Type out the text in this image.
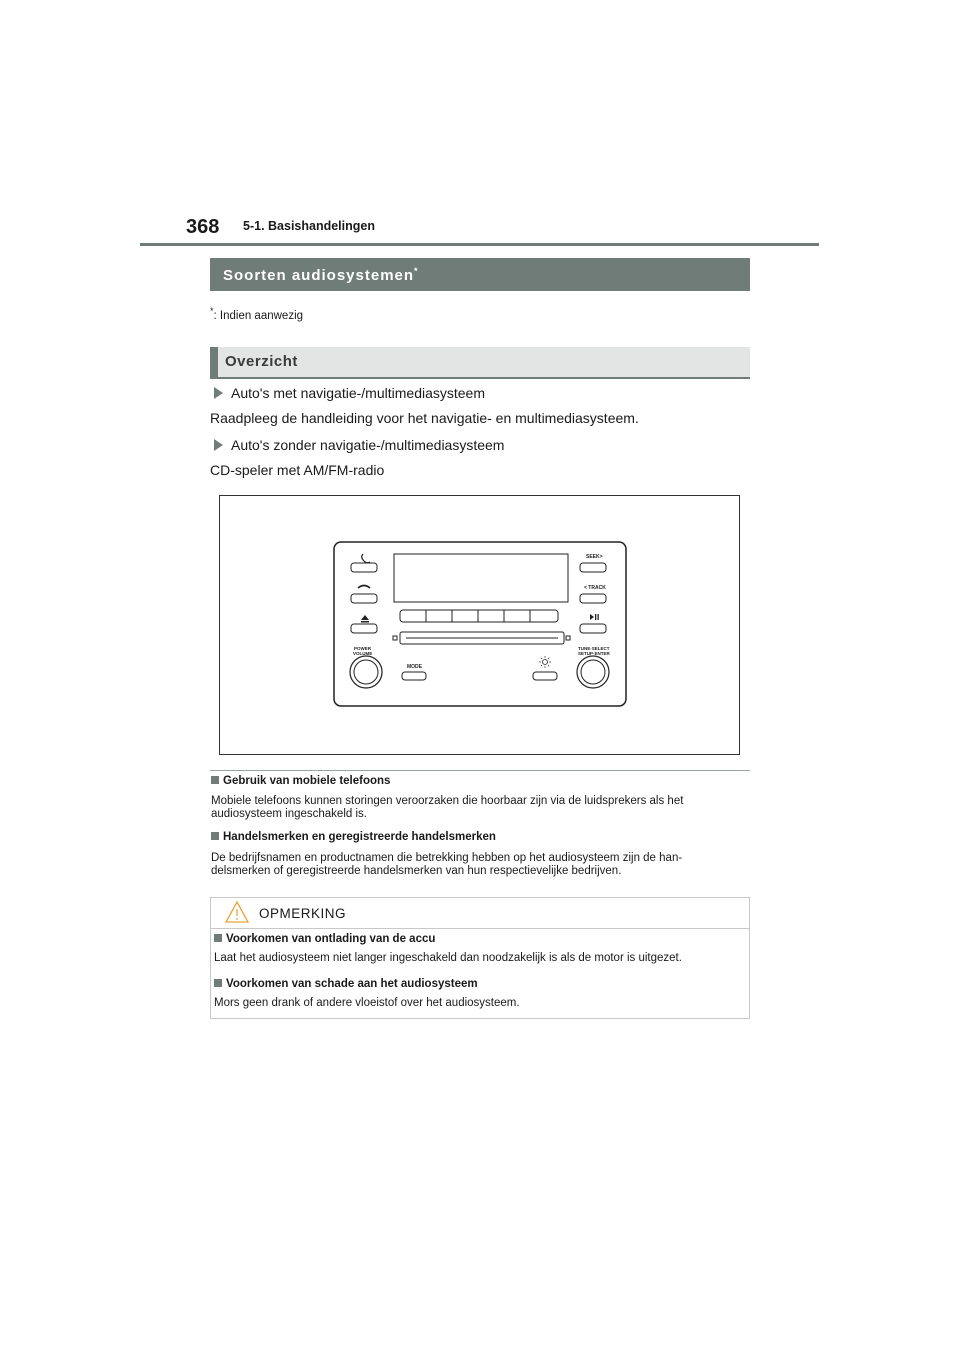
368 5-1. Basishandelingen
Soorten audiosystemen*
*: Indien aanwezig
Overzicht
Auto's met navigatie-/multimediasysteem
Raadpleeg de handleiding voor het navigatie- en multimediasysteem.
Auto's zonder navigatie-/multimediasysteem
CD-speler met AM/FM-radio
SEEK>
< TRACK
POWER
VOLUME
TUNE·SELECT
SETUP·ENTER
MODE
Gebruik van mobiele telefoons
Mobiele telefoons kunnen storingen veroorzaken die hoorbaar zijn via de luidsprekers als het
audiosysteem ingeschakeld is.
Handelsmerken en geregistreerde handelsmerken
De bedrijfsnamen en productnamen die betrekking hebben op het audiosysteem zijn de han-
delsmerken of geregistreerde handelsmerken van hun respectievelijke bedrijven.
OPMERKING
Voorkomen van ontlading van de accu
Laat het audiosysteem niet langer ingeschakeld dan noodzakelijk is als de motor is uitgezet.
Voorkomen van schade aan het audiosysteem
Mors geen drank of andere vloeistof over het audiosysteem.
